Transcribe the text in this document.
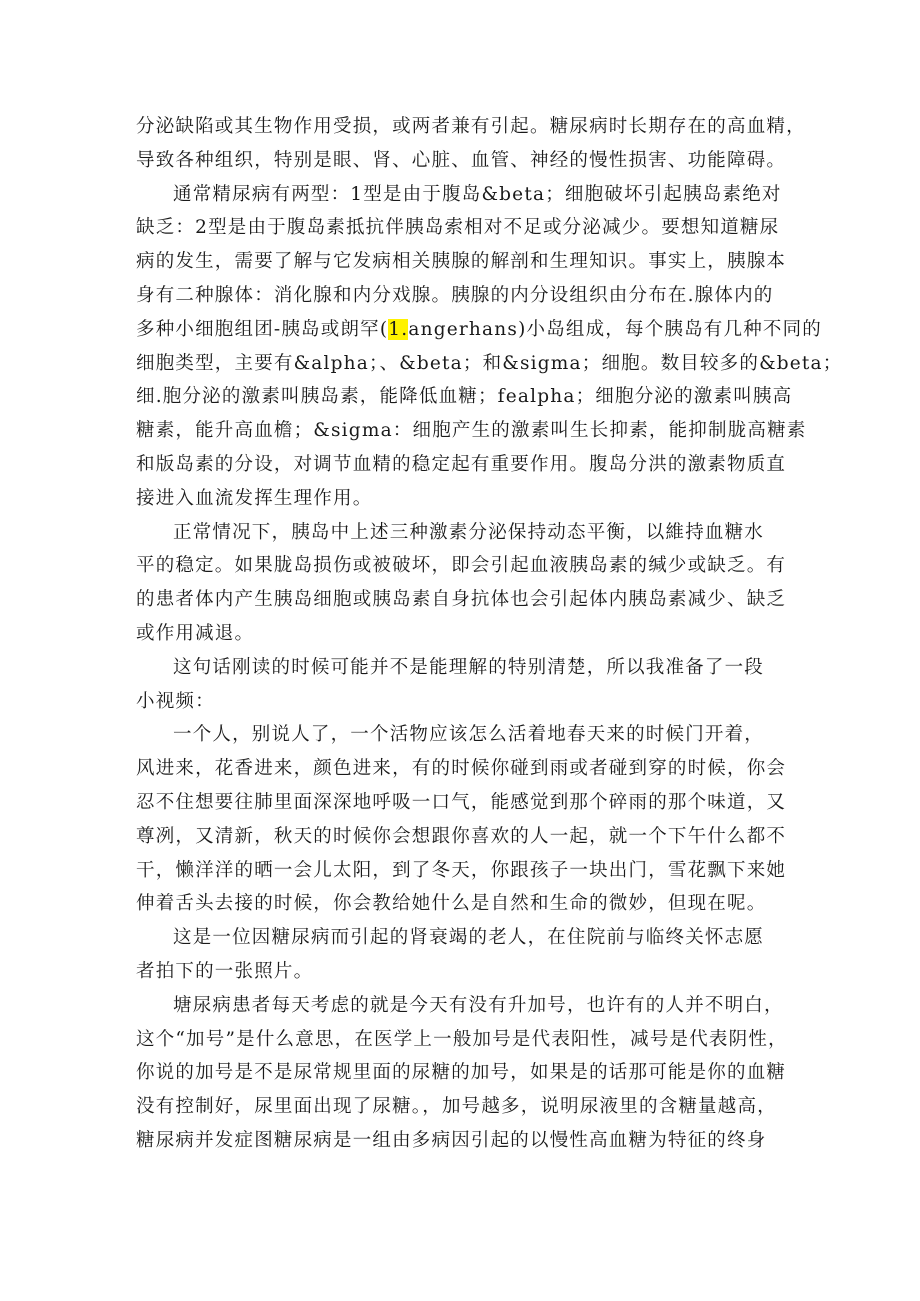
分泌缺陷或其生物作用受损，或两者兼有引起。糖尿病时长期存在的高血精，
导致各种组织，特别是眼、肾、心脏、血管、神经的慢性损害、功能障碍。

通常精尿病有两型：1型是由于腹岛&beta；细胞破坏引起胰岛素绝对
缺乏：2型是由于腹岛素抵抗伴胰岛索相对不足或分泌减少。要想知道糖尿
病的发生，需要了解与它发病相关胰腺的解剖和生理知识。事实上，胰腺本
身有二种腺体：消化腺和内分戏腺。胰腺的内分设组织由分布在.腺体内的
多种小细胞组团-胰岛或朗罕(1.angerhans)小岛组成，每个胰岛有几种不同的
细胞类型，主要有&alpha；、&beta；和&sigma；细胞。数目较多的&beta；
细.胞分泌的激素叫胰岛素，能降低血糖；fealpha；细胞分泌的激素叫胰高
糖素，能升高血檐；&sigma：细胞产生的激素叫生长抑素，能抑制胧高糖素
和版岛素的分设，对调节血精的稳定起有重要作用。腹岛分洪的激素物质直
接进入血流发挥生理作用。

正常情况下，胰岛中上述三种激素分泌保持动态平衡，以維持血糖水
平的稳定。如果胧岛损伤或被破坏，即会引起血液胰岛素的缄少或缺乏。有
的患者体内产生胰岛细胞或胰岛素自身抗体也会引起体内胰岛素减少、缺乏
或作用减退。

这句话刚读的时候可能并不是能理解的特别清楚，所以我准备了一段
小视频：

一个人，别说人了，一个活物应该怎么活着地春天来的时候门开着，
风进来，花香进来，颜色进来，有的时候你碰到雨或者碰到穿的时候，你会
忍不住想要往肺里面深深地呼吸一口气，能感觉到那个碎雨的那个味道，又
尊冽，又清新，秋天的时候你会想跟你喜欢的人一起，就一个下午什么都不
干，懒洋洋的晒一会儿太阳，到了冬天，你跟孩子一块出门，雪花飘下来她
伸着舌头去接的时候，你会教给她什么是自然和生命的微妙，但现在呢。

这是一位因糖尿病而引起的肾衰竭的老人，在住院前与临终关怀志愿
者拍下的一张照片。

塘尿病患者每天考虑的就是今天有没有升加号，也许有的人并不明白，
这个“加号”是什么意思，在医学上一般加号是代表阳性，减号是代表阴性，
你说的加号是不是尿常规里面的尿糖的加号，如果是的话那可能是你的血糖
没有控制好，尿里面出现了尿糖。，加号越多，说明尿液里的含糖量越高，
糖尿病并发症图糖尿病是一组由多病因引起的以慢性高血糖为特征的终身
